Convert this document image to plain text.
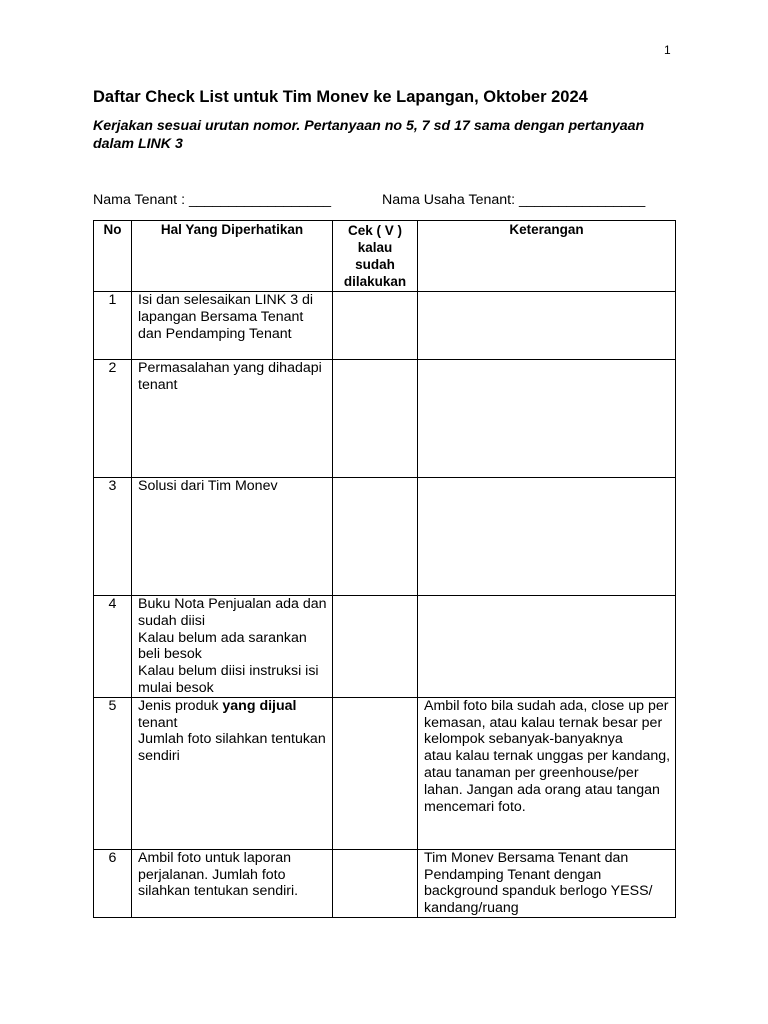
1
Daftar Check List untuk Tim Monev ke Lapangan, Oktober 2024
Kerjakan sesuai urutan nomor. Pertanyaan no 5, 7 sd 17 sama dengan pertanyaan dalam LINK 3
Nama Tenant : __________________	Nama Usaha Tenant: ________________
No	Hal Yang Diperhatikan	Cek ( V ) kalau sudah dilakukan	Keterangan
1	Isi dan selesaikan LINK 3 di lapangan Bersama Tenant dan Pendamping Tenant		

2	Permasalahan yang dihadapi tenant		

3	Solusi dari Tim Monev		

4	Buku Nota Penjualan ada dan sudah diisi
Kalau belum ada sarankan beli besok
Kalau belum diisi instruksi isi mulai besok		

5	Jenis produk yang dijual tenant
Jumlah foto silahkan tentukan sendiri		Ambil foto bila sudah ada, close up per kemasan, atau kalau ternak besar per kelompok sebanyak-banyaknya
atau kalau ternak unggas per kandang,
atau tanaman per greenhouse/per lahan. Jangan ada orang atau tangan mencemari foto.

6	Ambil foto untuk laporan perjalanan. Jumlah foto silahkan tentukan sendiri.		Tim Monev Bersama Tenant dan Pendamping Tenant dengan background spanduk berlogo YESS/ kandang/ruang
